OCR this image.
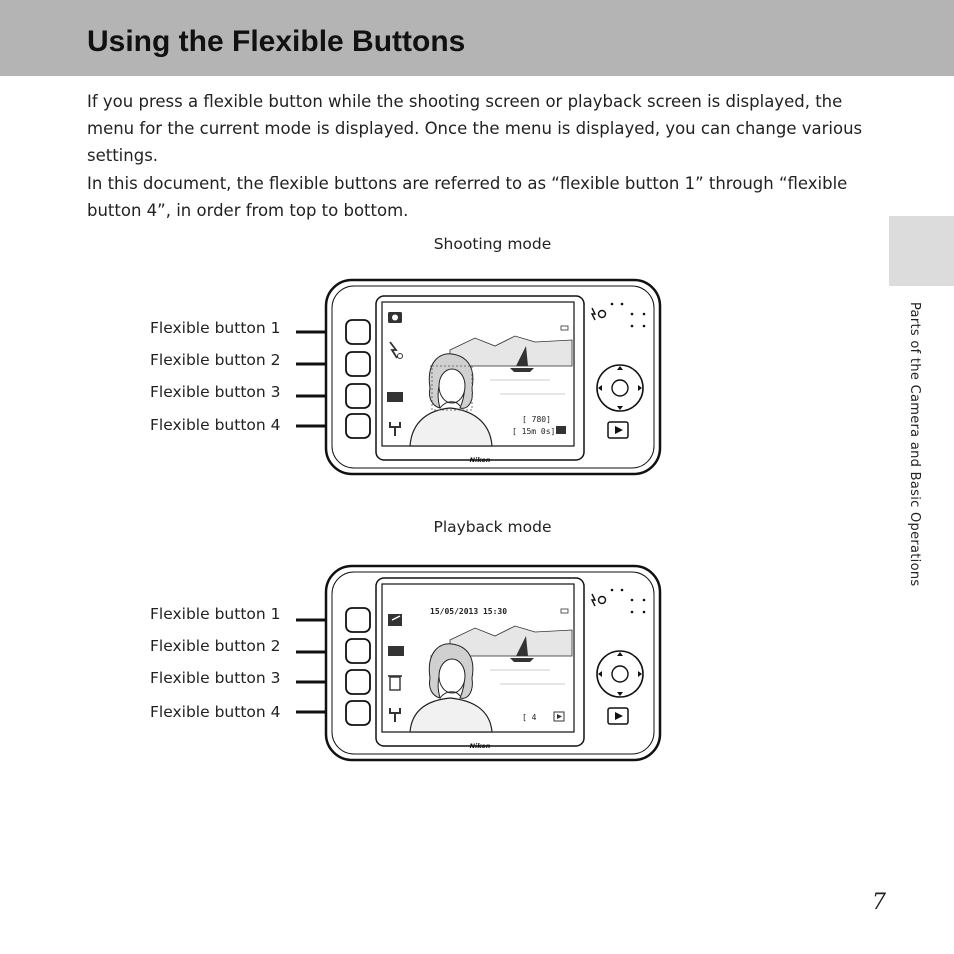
Using the Flexible Buttons

If you press a flexible button while the shooting screen or playback screen is displayed, the menu for the current mode is displayed. Once the menu is displayed, you can change various settings.

In this document, the flexible buttons are referred to as “flexible button 1” through “flexible button 4”, in order from top to bottom.

Parts of the Camera and Basic Operations
Shooting mode
Flexible button 1
Flexible button 2
Flexible button 3
Flexible button 4	[ 780]
[ 15m 0s]
Nikon
Playback mode
Flexible button 1
Flexible button 2
Flexible button 3
Flexible button 4
15/05/2013 15:30
[ 4
Nikon
7
